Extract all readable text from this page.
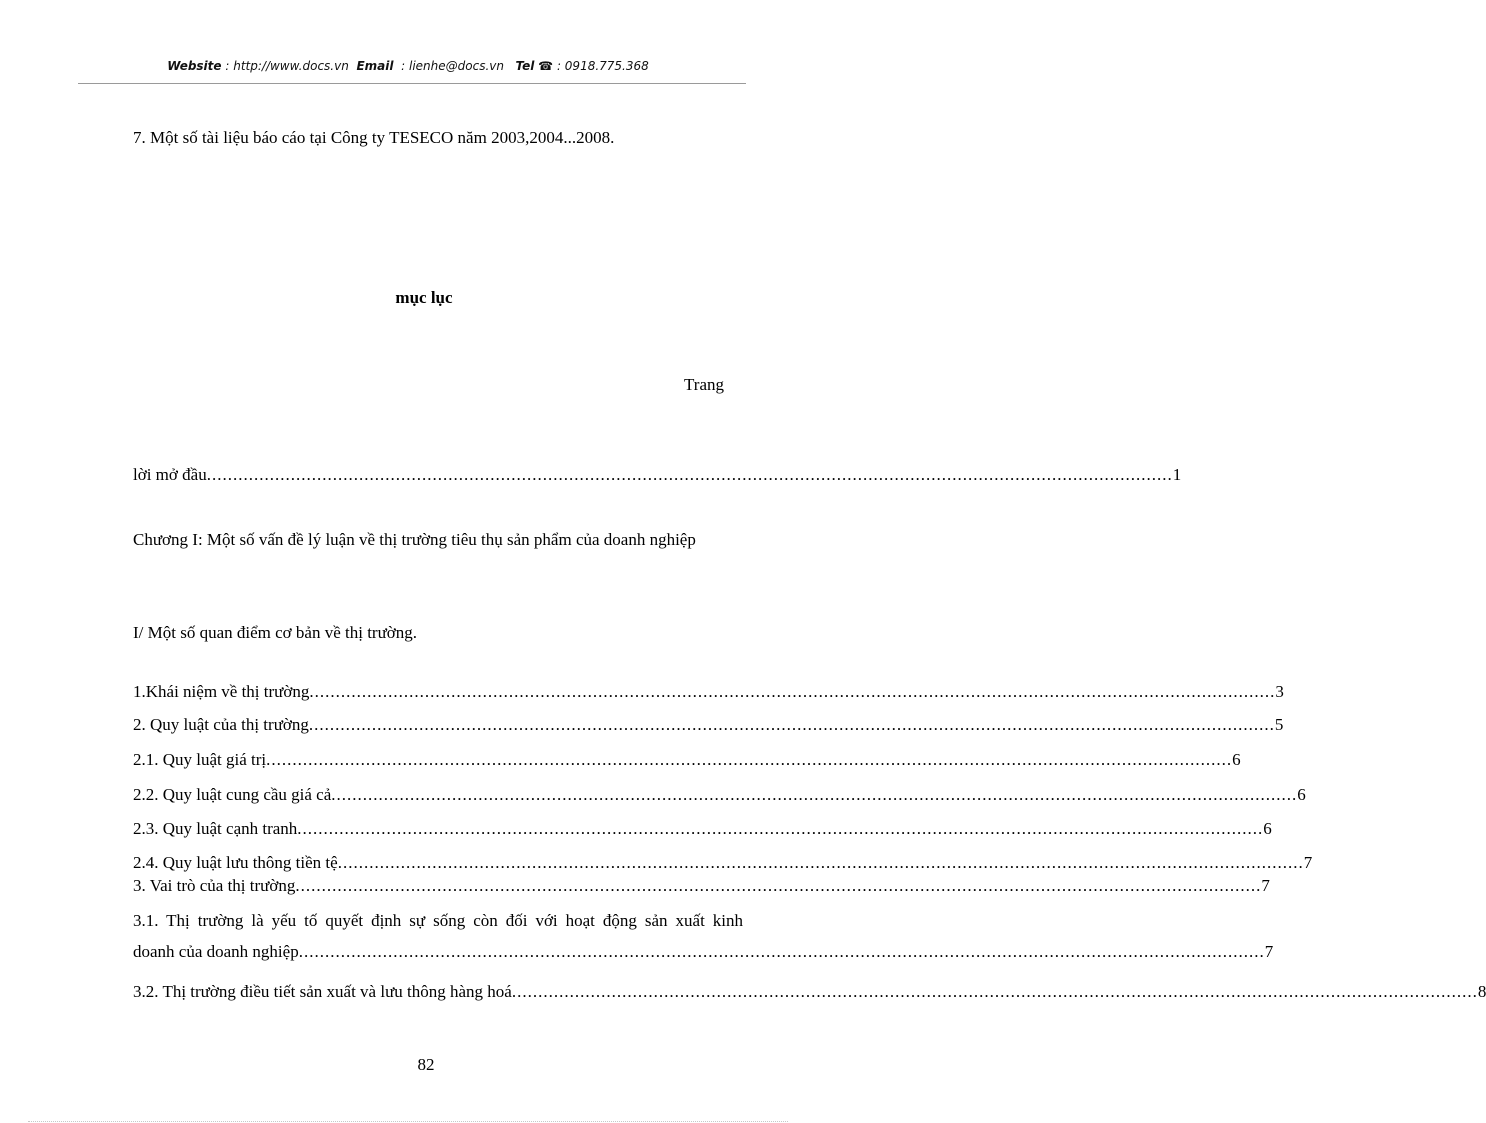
Website : http://www.docs.vn Email : lienhe@docs.vn Tel ☎ : 0918.775.368
7. Một số tài liệu báo cáo tại Công ty TESECO năm 2003,2004...2008.
mục lục
Trang
lời mở đầu ........................................................................................................................................................................................ 1
Chương I: Một số vấn đề lý luận về thị trường tiêu thụ sản phẩm của doanh nghiệp
I/ Một số quan điểm cơ bản về thị trường.
1.Khái niệm về thị trường ........................................................................................................................................................................................ 3
2. Quy luật của thị trường ........................................................................................................................................................................................ 5
2.1. Quy luật giá trị ........................................................................................................................................................................................ 6
2.2. Quy luật cung cầu giá cả ........................................................................................................................................................................................ 6
2.3. Quy luật cạnh tranh ........................................................................................................................................................................................ 6
2.4. Quy luật lưu thông tiền tệ ........................................................................................................................................................................................ 7
3. Vai trò của thị trường ........................................................................................................................................................................................ 7
3.1. Thị trường là yếu tố quyết định sự sống còn đối với hoạt động sản xuất kinh
doanh của doanh nghiệp ........................................................................................................................................................................................ 7
3.2. Thị trường điều tiết sản xuất và lưu thông hàng hoá ........................................................................................................................................................................................ 8
82
